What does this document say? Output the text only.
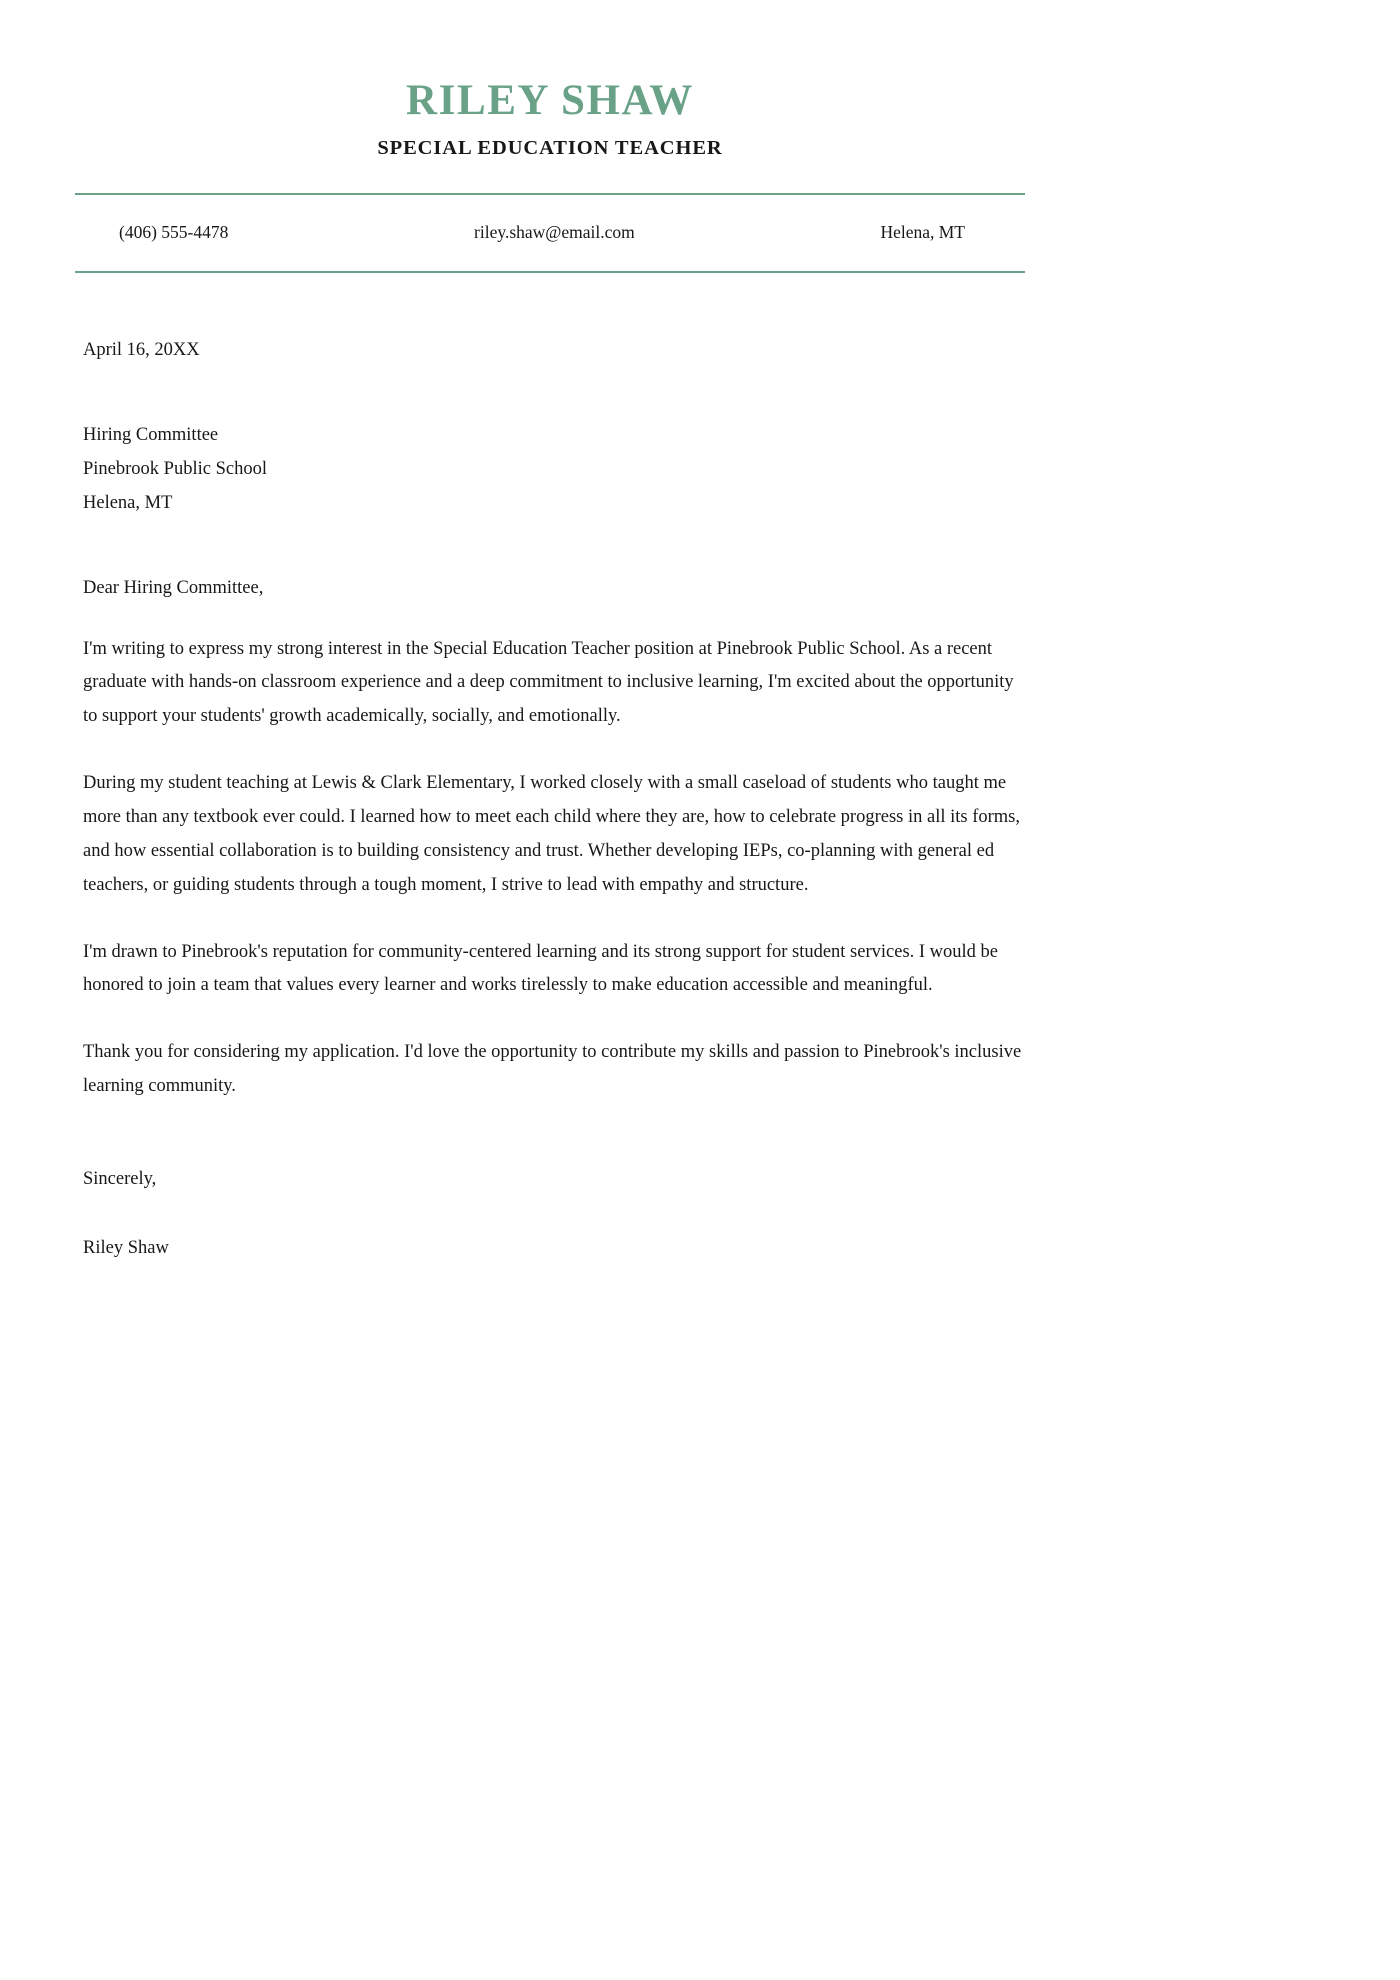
RILEY SHAW
SPECIAL EDUCATION TEACHER
(406) 555-4478	riley.shaw@email.com	Helena, MT
April 16, 20XX
Hiring Committee
Pinebrook Public School
Helena, MT
Dear Hiring Committee,

I'm writing to express my strong interest in the Special Education Teacher position at Pinebrook Public School. As a recent graduate with hands-on classroom experience and a deep commitment to inclusive learning, I'm excited about the opportunity to support your students' growth academically, socially, and emotionally.

During my student teaching at Lewis & Clark Elementary, I worked closely with a small caseload of students who taught me more than any textbook ever could. I learned how to meet each child where they are, how to celebrate progress in all its forms, and how essential collaboration is to building consistency and trust. Whether developing IEPs, co-planning with general ed teachers, or guiding students through a tough moment, I strive to lead with empathy and structure.

I'm drawn to Pinebrook's reputation for community-centered learning and its strong support for student services. I would be honored to join a team that values every learner and works tirelessly to make education accessible and meaningful.

Thank you for considering my application. I'd love the opportunity to contribute my skills and passion to Pinebrook's inclusive learning community.

Sincerely,
Riley Shaw
